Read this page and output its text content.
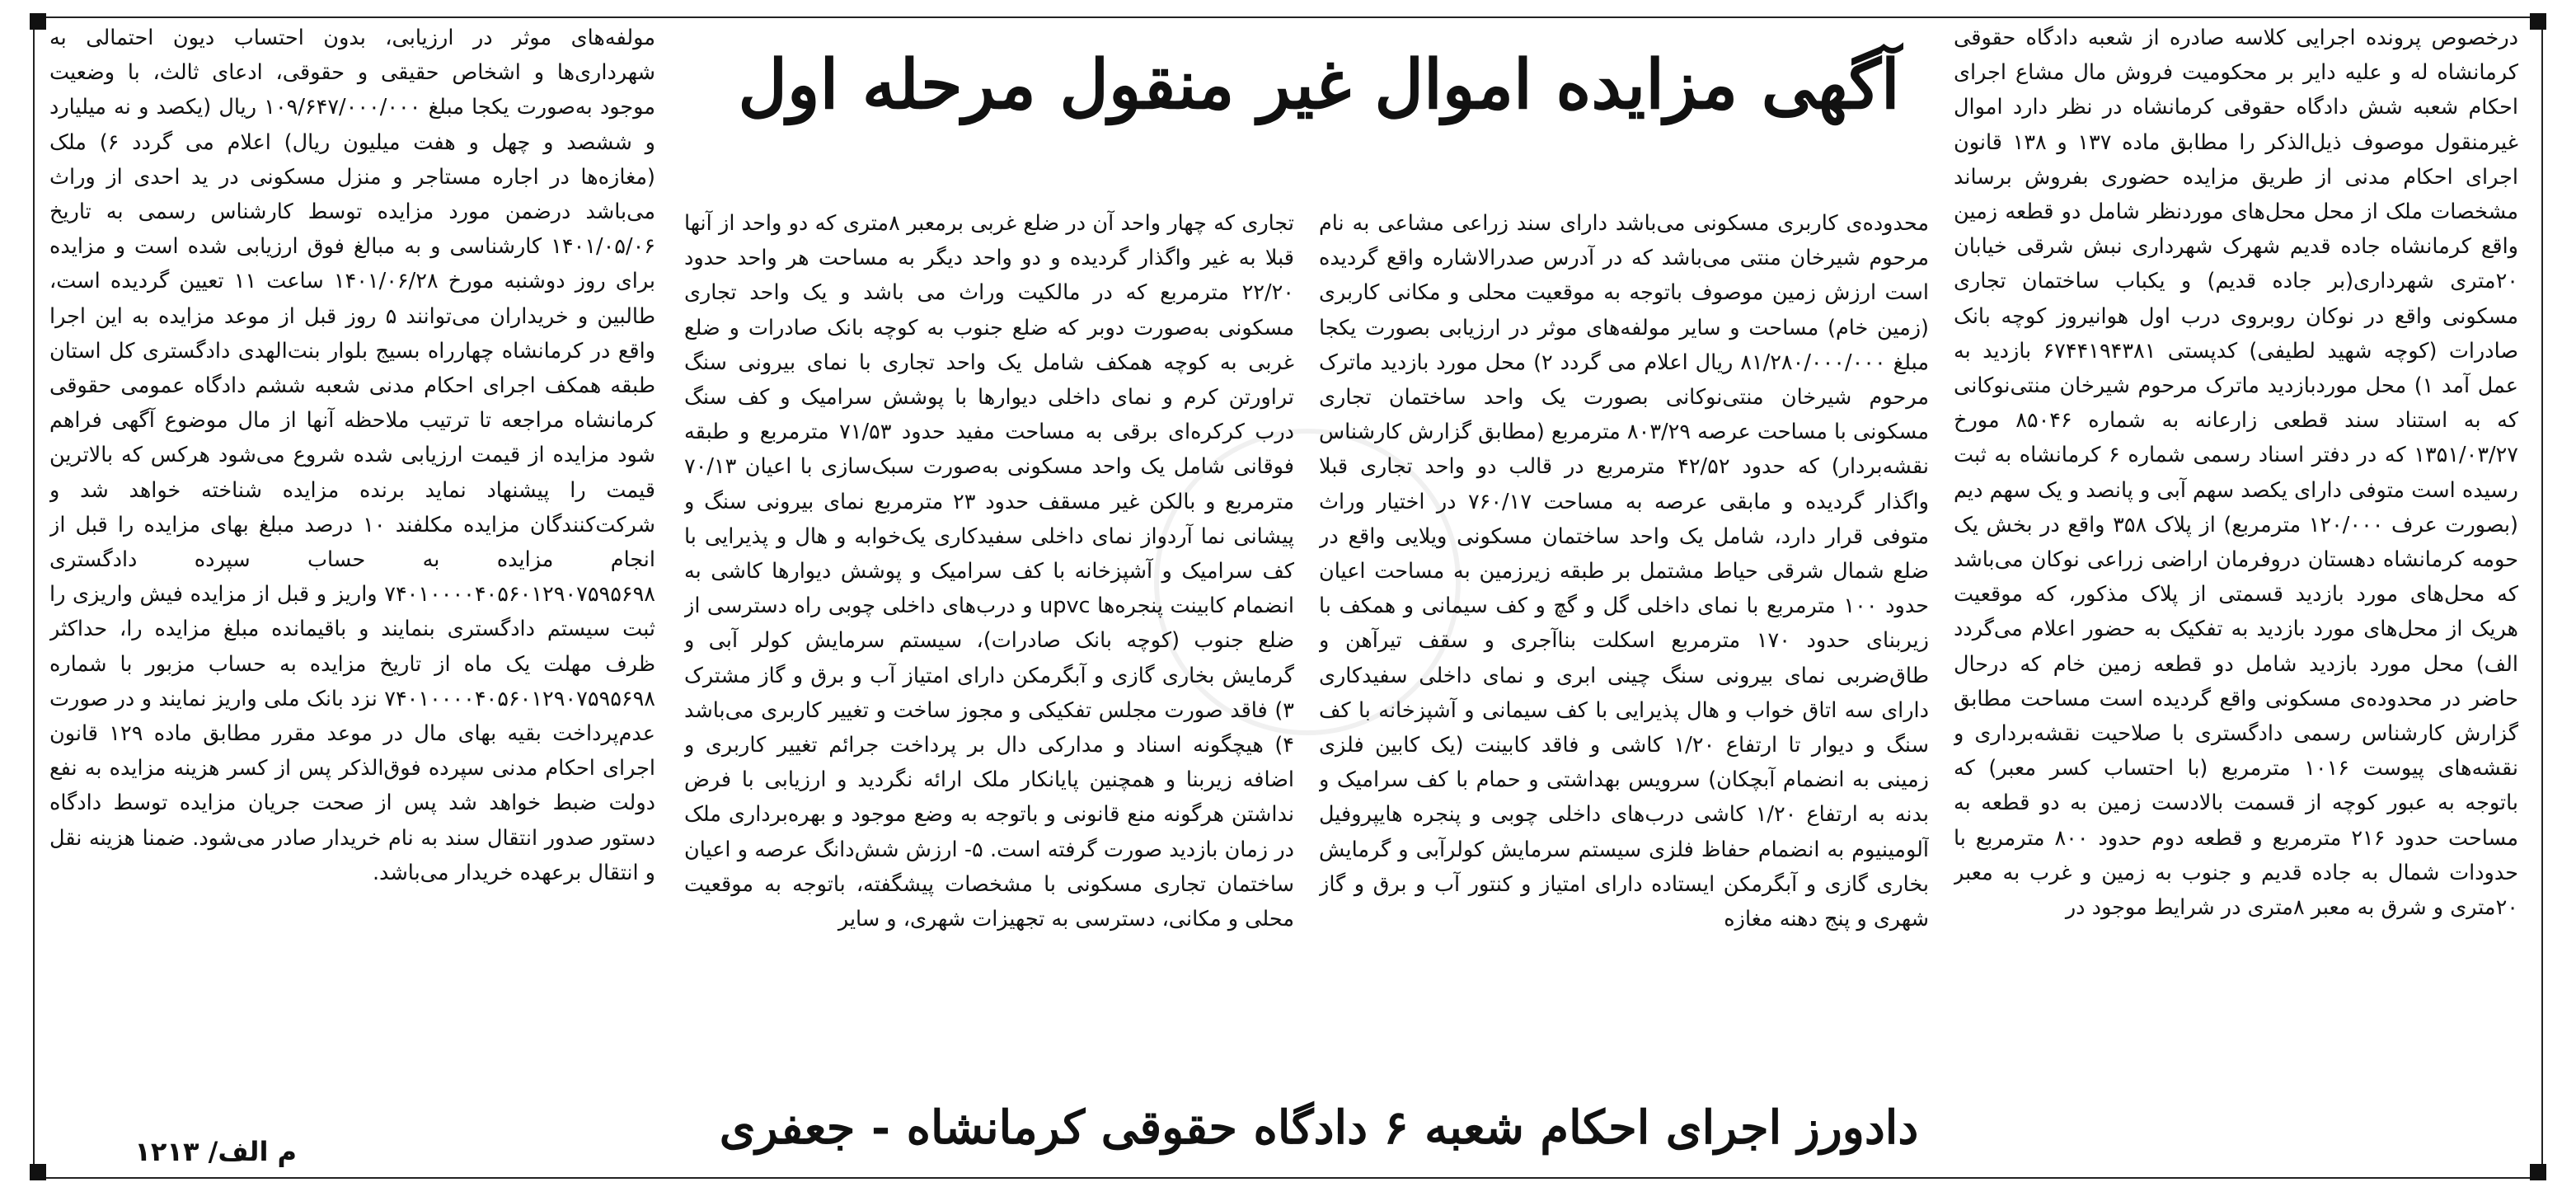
آگهی مزایده اموال غیر منقول مرحله اول
درخصوص پرونده اجرایی کلاسه صادره از شعبه دادگاه حقوقی کرمانشاه له و علیه دایر بر محکومیت فروش مال مشاع اجرای احکام شعبه شش دادگاه حقوقی کرمانشاه در نظر دارد اموال غیرمنقول موصوف ذیل‌الذکر را مطابق ماده ۱۳۷ و ۱۳۸ قانون اجرای احکام مدنی از طریق مزایده حضوری بفروش برساند مشخصات ملک از محل محل‌های موردنظر شامل دو قطعه زمین واقع کرمانشاه جاده قدیم شهرک شهرداری نبش شرقی خیابان ۲۰متری شهرداری(بر جاده قدیم) و یکباب ساختمان تجاری مسکونی واقع در نوکان روبروی درب اول هوانیروز کوچه بانک صادرات (کوچه شهید لطیفی) کدپستی ۶۷۴۴۱۹۴۳۸۱ بازدید به عمل آمد ۱) محل موردبازدید ماترک مرحوم شیرخان منتی‌نوکانی که به استناد سند قطعی زارعانه به شماره ۸۵۰۴۶ مورخ ۱۳۵۱/۰۳/۲۷ که در دفتر اسناد رسمی شماره ۶ کرمانشاه به ثبت رسیده است متوفی دارای یکصد سهم آبی و پانصد و یک سهم دیم (بصورت عرف ۱۲۰/۰۰۰ مترمربع) از پلاک ۳۵۸ واقع در بخش یک حومه کرمانشاه دهستان دروفرمان اراضی زراعی نوکان می‌باشد که محل‌های مورد بازدید قسمتی از پلاک مذکور، که موقعیت هریک از محل‌های مورد بازدید به تفکیک به حضور اعلام می‌گردد الف) محل مورد بازدید شامل دو قطعه زمین خام که درحال حاضر در محدوده‌ی مسکونی واقع گردیده است مساحت مطابق گزارش کارشناس رسمی دادگستری با صلاحیت نقشه‌برداری و نقشه‌های پیوست ۱۰۱۶ مترمربع (با احتساب کسر معبر) که باتوجه به عبور کوچه از قسمت بالادست زمین به دو قطعه به مساحت حدود ۲۱۶ مترمربع و قطعه دوم حدود ۸۰۰ مترمربع با حدودات شمال به جاده قدیم و جنوب به زمین و غرب به معبر ۲۰متری و شرق به معبر ۸متری در شرایط موجود در
محدوده‌ی کاربری مسکونی می‌باشد دارای سند زراعی مشاعی به نام مرحوم شیرخان منتی می‌باشد که در آدرس صدرالاشاره واقع گردیده است ارزش زمین موصوف باتوجه به موقعیت محلی و مکانی کاربری (زمین خام) مساحت و سایر مولفه‌های موثر در ارزیابی بصورت یکجا مبلغ ۸۱/۲۸۰/۰۰۰/۰۰۰ ریال اعلام می گردد ۲) محل مورد بازدید ماترک مرحوم شیرخان منتی‌نوکانی بصورت یک واحد ساختمان تجاری مسکونی با مساحت عرصه ۸۰۳/۲۹ مترمربع (مطابق گزارش کارشناس نقشه‌بردار) که حدود ۴۲/۵۲ مترمربع در قالب دو واحد تجاری قبلا واگذار گردیده و مابقی عرصه به مساحت ۷۶۰/۱۷ در اختیار وراث متوفی قرار دارد، شامل یک واحد ساختمان مسکونی ویلایی واقع در ضلع شمال شرقی حیاط مشتمل بر طبقه زیرزمین به مساحت اعیان حدود ۱۰۰ مترمربع با نمای داخلی گل و گچ و کف سیمانی و همکف با زیربنای حدود ۱۷۰ مترمربع اسکلت بناآجری و سقف تیرآهن و طاق‌ضربی نمای بیرونی سنگ چینی ابری و نمای داخلی سفیدکاری دارای سه اتاق خواب و هال پذیرایی با کف سیمانی و آشپزخانه با کف سنگ و دیوار تا ارتفاع ۱/۲۰ کاشی و فاقد کابینت (یک کابین فلزی زمینی به انضمام آبچکان) سرویس بهداشتی و حمام با کف سرامیک و بدنه به ارتفاع ۱/۲۰ کاشی درب‌های داخلی چوبی و پنجره هایپروفیل آلومینیوم به انضمام حفاظ فلزی سیستم سرمایش کولرآبی و گرمایش بخاری گازی و آبگرمکن ایستاده دارای امتیاز و کنتور آب و برق و گاز شهری و پنج دهنه مغازه
تجاری که چهار واحد آن در ضلع غربی برمعبر ۸متری که دو واحد از آنها قبلا به غیر واگذار گردیده و دو واحد دیگر به مساحت هر واحد حدود ۲۲/۲۰ مترمربع که در مالکیت وراث می باشد و یک واحد تجاری مسکونی به‌صورت دوبر که ضلع جنوب به کوچه بانک صادرات و ضلع غربی به کوچه همکف شامل یک واحد تجاری با نمای بیرونی سنگ تراورتن کرم و نمای داخلی دیوارها با پوشش سرامیک و کف سنگ درب کرکره‌ای برقی به مساحت مفید حدود ۷۱/۵۳ مترمربع و طبقه فوقانی شامل یک واحد مسکونی به‌صورت سبک‌سازی با اعیان ۷۰/۱۳ مترمربع و بالکن غیر مسقف حدود ۲۳ مترمربع نمای بیرونی سنگ و پیشانی نما آردواز نمای داخلی سفیدکاری یک‌خوابه و هال و پذیرایی با کف سرامیک و آشپزخانه با کف سرامیک و پوشش دیوارها کاشی به انضمام کابینت پنجره‌ها upvc و درب‌های داخلی چوبی راه دسترسی از ضلع جنوب (کوچه بانک صادرات)، سیستم سرمایش کولر آبی و گرمایش بخاری گازی و آبگرمکن دارای امتیاز آب و برق و گاز مشترک ۳) فاقد صورت مجلس تفکیکی و مجوز ساخت و تغییر کاربری می‌باشد ۴) هیچگونه اسناد و مدارکی دال بر پرداخت جرائم تغییر کاربری و اضافه زیربنا و همچنین پایانکار ملک ارائه نگردید و ارزیابی با فرض نداشتن هرگونه منع قانونی و باتوجه به وضع موجود و بهره‌برداری ملک در زمان بازدید صورت گرفته است. ۵- ارزش شش‌دانگ عرصه و اعیان ساختمان تجاری مسکونی با مشخصات پیشگفته، باتوجه به موقعیت محلی و مکانی، دسترسی به تجهیزات شهری، و سایر
مولفه‌های موثر در ارزیابی، بدون احتساب دیون احتمالی به شهرداری‌ها و اشخاص حقیقی و حقوقی، ادعای ثالث، با وضعیت موجود به‌صورت یکجا مبلغ ۱۰۹/۶۴۷/۰۰۰/۰۰۰ ریال (یکصد و نه میلیارد و ششصد و چهل و هفت میلیون ریال) اعلام می گردد ۶) ملک (مغازه‌ها در اجاره مستاجر و منزل مسکونی در ید احدی از وراث می‌باشد درضمن مورد مزایده توسط کارشناس رسمی به تاریخ ۱۴۰۱/۰۵/۰۶ کارشناسی و به مبالغ فوق ارزیابی شده است و مزایده برای روز دوشنبه مورخ ۱۴۰۱/۰۶/۲۸ ساعت ۱۱ تعیین گردیده است، طالبین و خریداران می‌توانند ۵ روز قبل از موعد مزایده به این اجرا واقع در کرمانشاه چهارراه بسیج بلوار بنت‌الهدی دادگستری کل استان طبقه همکف اجرای احکام مدنی شعبه ششم دادگاه عمومی حقوقی کرمانشاه مراجعه تا ترتیب ملاحظه آنها از مال موضوع آگهی فراهم شود مزایده از قیمت ارزیابی شده شروع می‌شود هرکس که بالاترین قیمت را پیشنهاد نماید برنده مزایده شناخته خواهد شد و شرکت‌کنندگان مزایده مکلفند ۱۰ درصد مبلغ بهای مزایده را قبل از انجام مزایده به حساب سپرده دادگستری ۷۴۰۱۰۰۰۰۴۰۵۶۰۱۲۹۰۷۵۹۵۶۹۸ واریز و قبل از مزایده فیش واریزی را ثبت سیستم دادگستری بنمایند و باقیمانده مبلغ مزایده را، حداکثر ظرف مهلت یک ماه از تاریخ مزایده به حساب مزبور با شماره ۷۴۰۱۰۰۰۰۴۰۵۶۰۱۲۹۰۷۵۹۵۶۹۸ نزد بانک ملی واریز نمایند و در صورت عدم‌پرداخت بقیه بهای مال در موعد مقرر مطابق ماده ۱۲۹ قانون اجرای احکام مدنی سپرده فوق‌الذکر پس از کسر هزینه مزایده به نفع دولت ضبط خواهد شد پس از صحت جریان مزایده توسط دادگاه دستور صدور انتقال سند به نام خریدار صادر می‌شود. ضمنا هزینه نقل و انتقال برعهده خریدار می‌باشد.
دادورز اجرای احکام شعبه ۶ دادگاه حقوقی کرمانشاه - جعفری
م الف/ ۱۲۱۳
